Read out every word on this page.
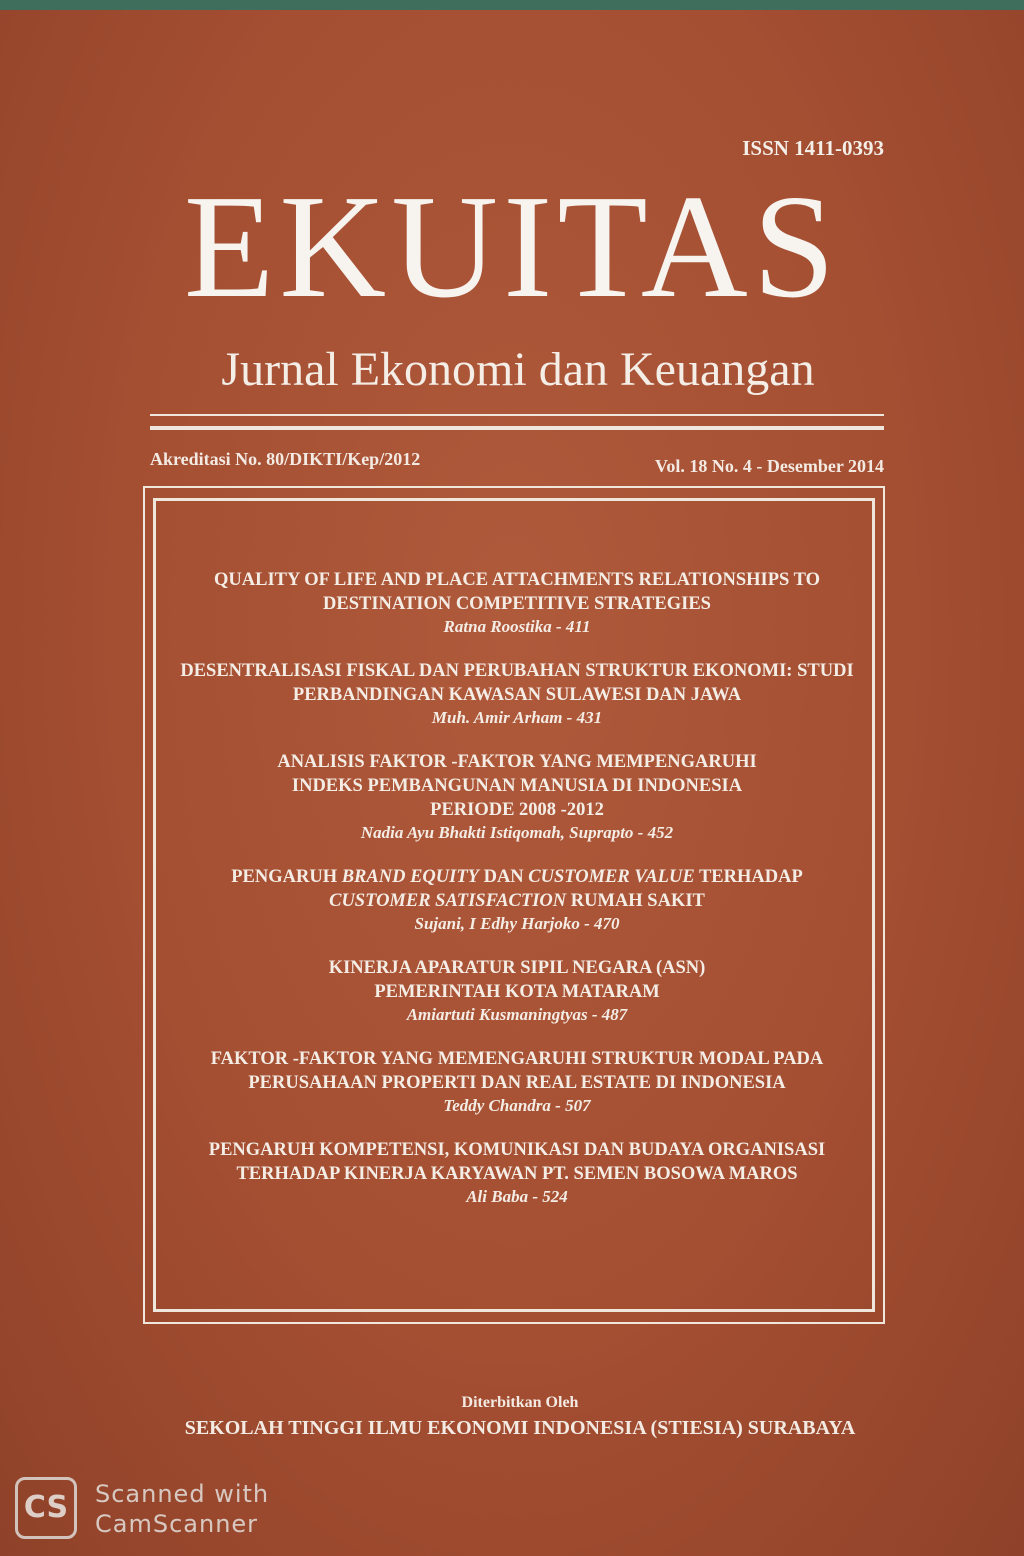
ISSN 1411-0393
EKUITAS
Jurnal Ekonomi dan Keuangan
Akreditasi No. 80/DIKTI/Kep/2012	Vol. 18 No. 4 - Desember 2014

QUALITY OF LIFE AND PLACE ATTACHMENTS RELATIONSHIPS TO

DESTINATION COMPETITIVE STRATEGIES

Ratna Roostika - 411

DESENTRALISASI FISKAL DAN PERUBAHAN STRUKTUR EKONOMI: STUDI

PERBANDINGAN KAWASAN SULAWESI DAN JAWA

Muh. Amir Arham - 431

ANALISIS FAKTOR -FAKTOR YANG MEMPENGARUHI

INDEKS PEMBANGUNAN MANUSIA DI INDONESIA

PERIODE 2008 -2012

Nadia Ayu Bhakti Istiqomah, Suprapto - 452

PENGARUH BRAND EQUITY DAN CUSTOMER VALUE TERHADAP

CUSTOMER SATISFACTION RUMAH SAKIT

Sujani, I Edhy Harjoko - 470

KINERJA APARATUR SIPIL NEGARA (ASN)

PEMERINTAH KOTA MATARAM

Amiartuti Kusmaningtyas - 487

FAKTOR -FAKTOR YANG MEMENGARUHI STRUKTUR MODAL PADA

PERUSAHAAN PROPERTI DAN REAL ESTATE DI INDONESIA

Teddy Chandra - 507

PENGARUH KOMPETENSI, KOMUNIKASI DAN BUDAYA ORGANISASI

TERHADAP KINERJA KARYAWAN PT. SEMEN BOSOWA MAROS

Ali Baba - 524

Diterbitkan Oleh
SEKOLAH TINGGI ILMU EKONOMI INDONESIA (STIESIA) SURABAYA
CS	Scanned with
CamScanner
